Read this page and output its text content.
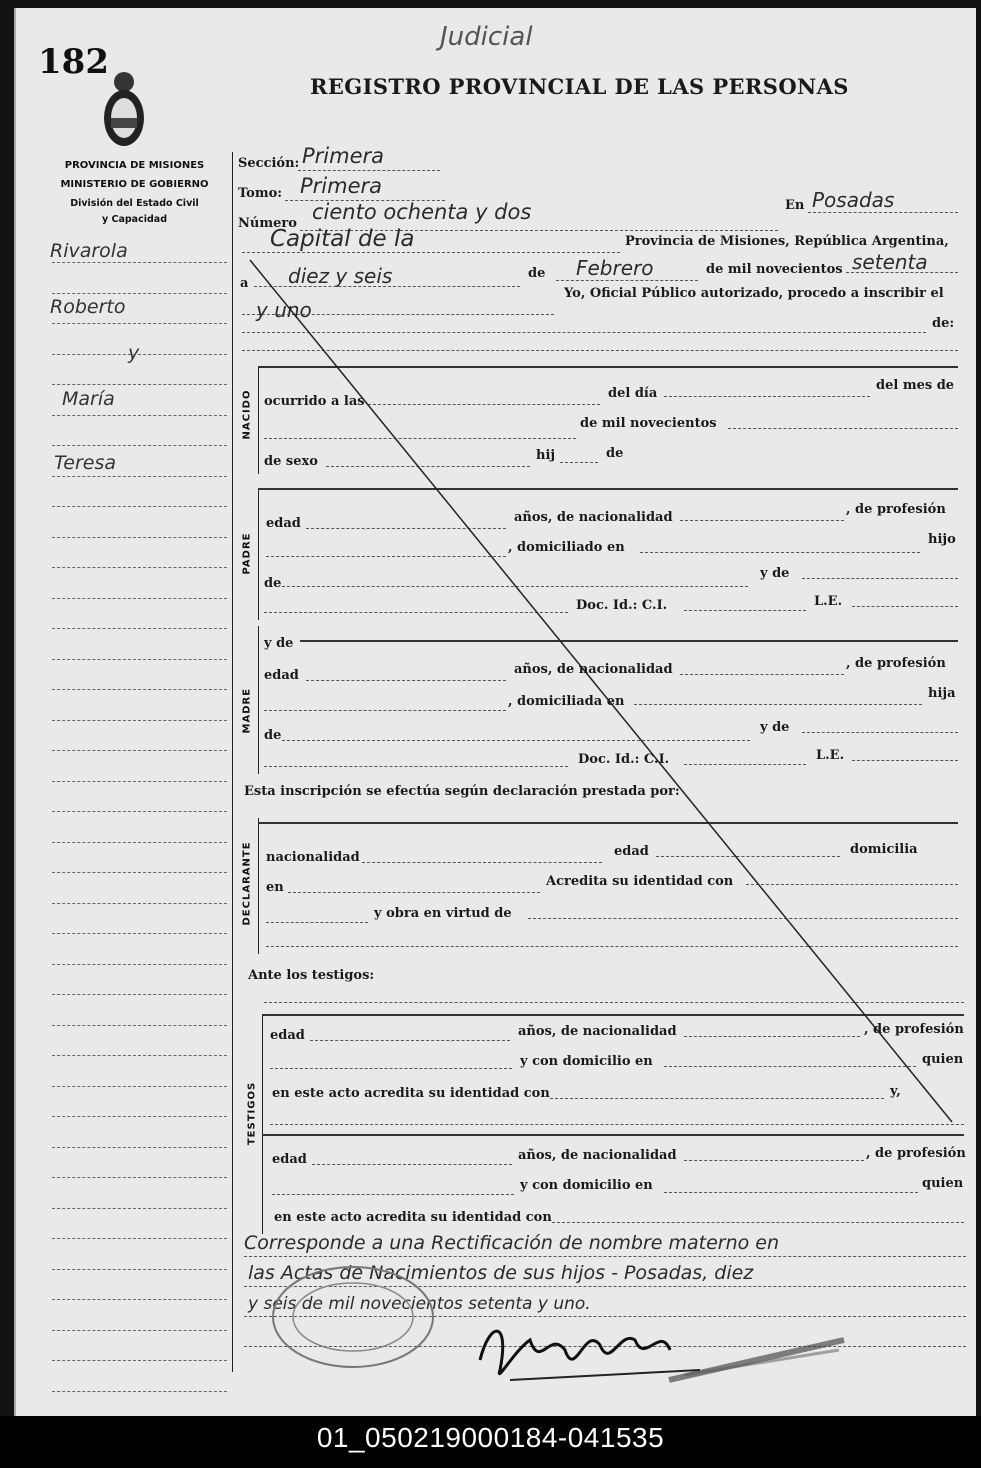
182
Judicial
REGISTRO PROVINCIAL DE LAS PERSONAS
PROVINCIA DE MISIONES
MINISTERIO DE GOBIERNO
División del Estado Civil
y Capacidad
Rivarola
Roberto
y
María
Teresa
Sección: Primera
Tomo: Primera
Número ciento ochenta y dos	En Posadas
Capital de la	Provincia de Misiones, República Argentina,
a diez y seis	de Febrero	de mil novecientos setenta
y uno
Yo, Oficial Público autorizado, procedo a inscribir el
de:
NACIDO ocurrido a las
del día
del mes de
de mil novecientos
de sexo	hij	de
PADRE
edad	años, de nacionalidad
, de profesión
, domiciliado en
hijo
de
y de
Doc. Id.: C.I.	L.E.
y de
MADRE
edad	años, de nacionalidad	, de profesión
, domiciliada en
hija
de
y de
Doc. Id.: C.I.	L.E.
Esta inscripción se efectúa según declaración prestada por:
DECLARANTE nacionalidad	edad	domicilia
en	Acredita su identidad con
y obra en virtud de
Ante los testigos:
TESTIGOS
edad	años, de nacionalidad	, de profesión
y con domicilio en	quien
en este acto acredita su identidad con	y,
edad	años, de nacionalidad	, de profesión
y con domicilio en	quien
en este acto acredita su identidad con
Corresponde a una Rectificación de nombre materno en
las Actas de Nacimientos de sus hijos - Posadas, diez
y seis de mil novecientos setenta y uno.
01_050219000184-041535
